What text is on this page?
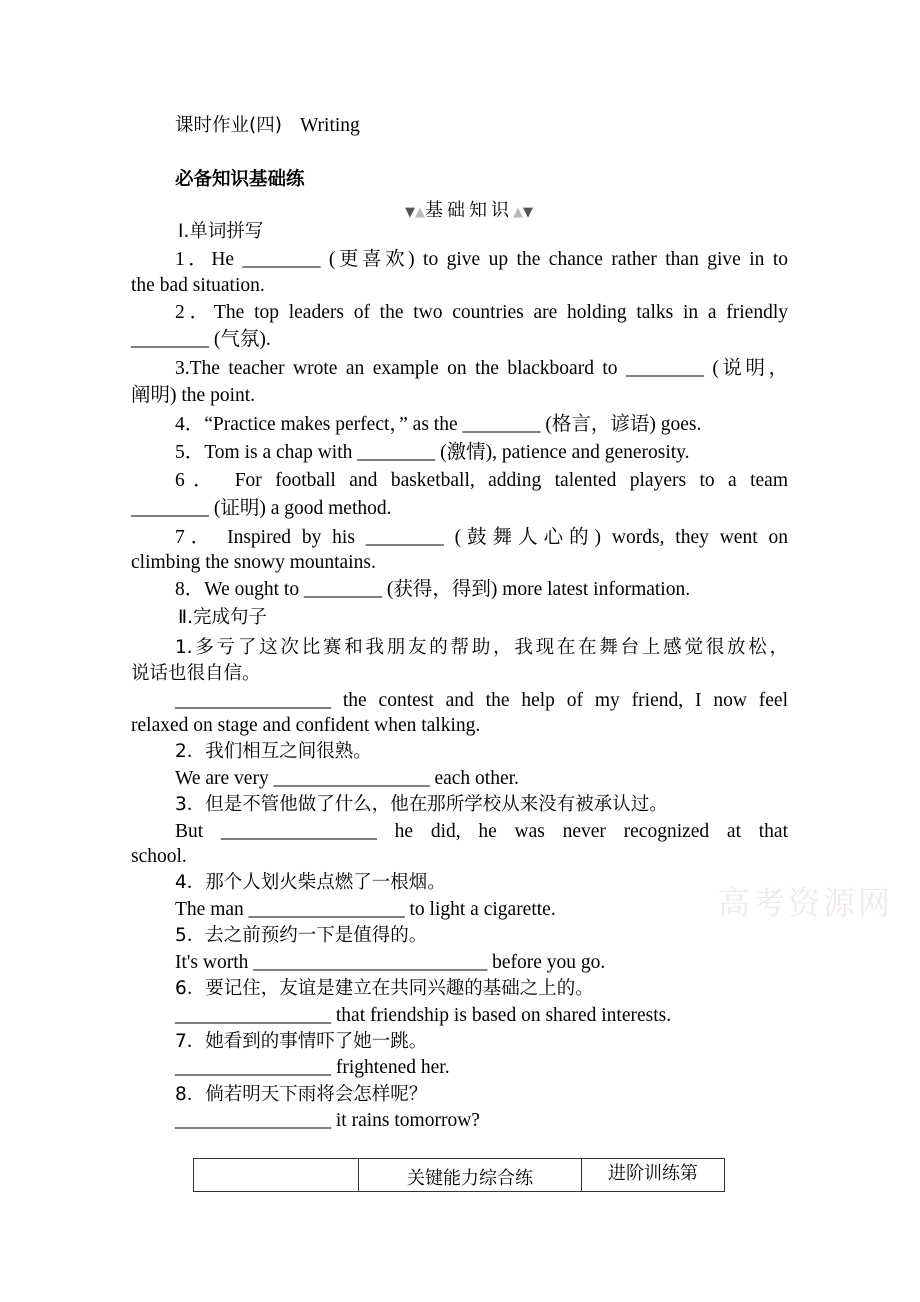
课时作业(四) Writing
必备知识基础练
▼▲基础知识▲▼
Ⅰ.单词拼写
1．He ________ (更喜欢) to give up the chance rather than give in to
the bad situation.
2．The top leaders of the two countries are holding talks in a friendly
________ (气氛).
3.The teacher wrote an example on the blackboard to ________ (说明，
阐明) the point.
4．“Practice makes perfect，” as the ________ (格言，谚语) goes.
5．Tom is a chap with ________ (激情), patience and generosity.
6． For football and basketball, adding talented players to a team
________ (证明) a good method.
7． Inspired by his ________ (鼓舞人心的) words, they went on
climbing the snowy mountains.
8．We ought to ________ (获得，得到) more latest information.
Ⅱ.完成句子
1.多亏了这次比赛和我朋友的帮助，我现在在舞台上感觉很放松，
说话也很自信。
________________ the contest and the help of my friend, I now feel
relaxed on stage and confident when talking.
2．我们相互之间很熟。
We are very ________________ each other.
3．但是不管他做了什么，他在那所学校从来没有被承认过。
But ________________ he did, he was never recognized at that
school.
4．那个人划火柴点燃了一根烟。
The man ________________ to light a cigarette.
5．去之前预约一下是值得的。
It's worth ________________________ before you go.
6．要记住，友谊是建立在共同兴趣的基础之上的。
________________ that friendship is based on shared interests.
7．她看到的事情吓了她一跳。
________________ frightened her.
8．倘若明天下雨将会怎样呢？
________________ it rains tomorrow?
高考资源网
	关键能力综合练	进阶训练第
